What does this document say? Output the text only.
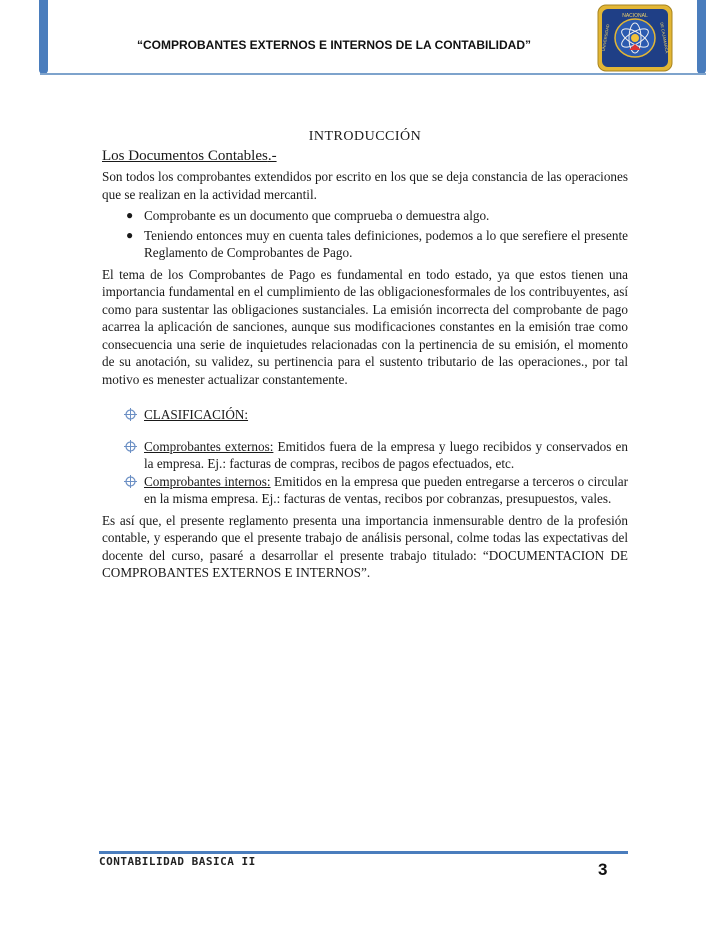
“COMPROBANTES EXTERNOS E INTERNOS DE LA CONTABILIDAD”
NACIONAL
UNIVERSIDAD	DE CAJAMARCA
INTRODUCCIÓN
Los Documentos Contables.-

Son todos los comprobantes extendidos por escrito en los que se deja constancia de las operaciones que se realizan en la actividad mercantil.

● Comprobante es un documento que comprueba o demuestra algo.
● Teniendo entonces muy en cuenta tales definiciones, podemos a lo que serefiere el presente Reglamento de Comprobantes de Pago.

El tema de los Comprobantes de Pago es fundamental en todo estado, ya que estos tienen una importancia fundamental en el cumplimiento de las obligacionesformales de los contribuyentes, así como para sustentar las obligaciones sustanciales. La emisión incorrecta del comprobante de pago acarrea la aplicación de sanciones, aunque sus modificaciones constantes en la emisión trae como consecuencia una serie de inquietudes relacionadas con la pertinencia de su emisión, el momento de su anotación, su validez, su pertinencia para el sustento tributario de las operaciones., por tal motivo es menester actualizar constantemente.

CLASIFICACIÓN:
Comprobantes externos: Emitidos fuera de la empresa y luego recibidos y conservados en la empresa. Ej.: facturas de compras, recibos de pagos efectuados, etc.
Comprobantes internos: Emitidos en la empresa que pueden entregarse a terceros o circular en la misma empresa. Ej.: facturas de ventas, recibos por cobranzas, presupuestos, vales.

Es así que, el presente reglamento presenta una importancia inmensurable dentro de la profesión contable, y esperando que el presente trabajo de análisis personal, colme todas las expectativas del docente del curso, pasaré a desarrollar el presente trabajo titulado: “DOCUMENTACION DE COMPROBANTES EXTERNOS E INTERNOS”.

CONTABILIDAD BASICA II	3
